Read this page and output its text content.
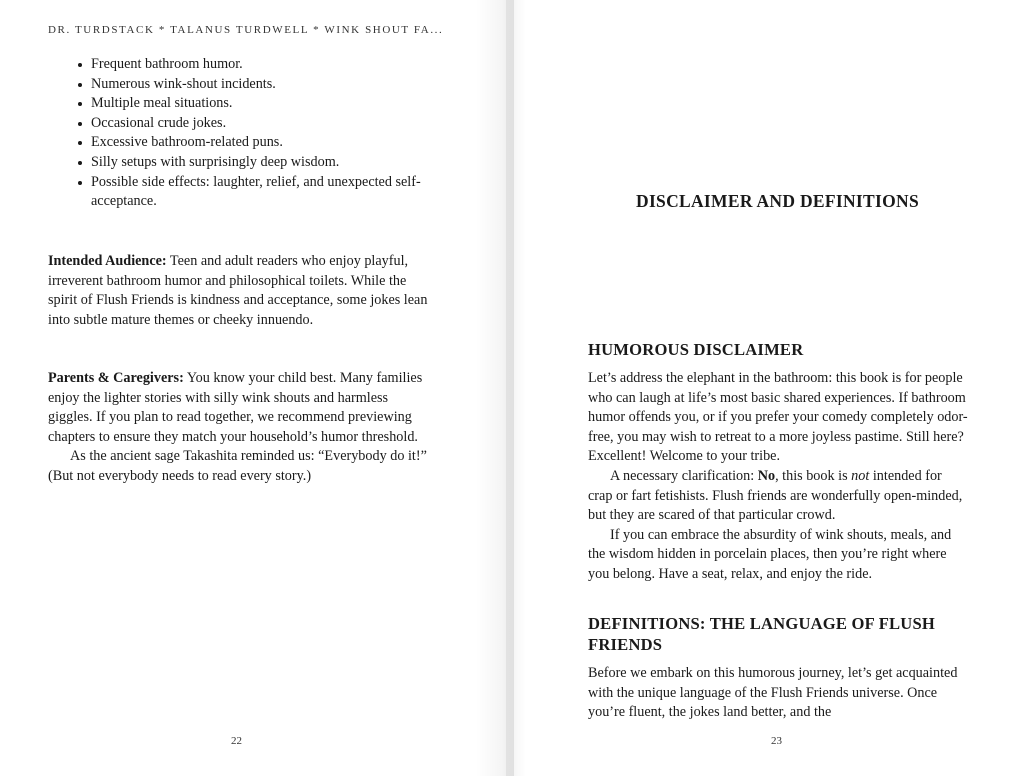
DR. TURDSTACK * TALANUS TURDWELL * WINK SHOUT FA...
Frequent bathroom humor.
Numerous wink-shout incidents.
Multiple meal situations.
Occasional crude jokes.
Excessive bathroom-related puns.
Silly setups with surprisingly deep wisdom.
Possible side effects: laughter, relief, and unexpected self-acceptance.

Intended Audience: Teen and adult readers who enjoy playful, irreverent bathroom humor and philosophical toilets. While the spirit of Flush Friends is kindness and acceptance, some jokes lean into subtle mature themes or cheeky innuendo.

Parents & Caregivers: You know your child best. Many families enjoy the lighter stories with silly wink shouts and harmless giggles. If you plan to read together, we recommend previewing chapters to ensure they match your household’s humor threshold.
As the ancient sage Takashita reminded us: “Everybody do it!” (But not everybody needs to read every story.)
22
DISCLAIMER AND DEFINITIONS
HUMOROUS DISCLAIMER
Let’s address the elephant in the bathroom: this book is for people who can laugh at life’s most basic shared experiences. If bathroom humor offends you, or if you prefer your comedy completely odor-free, you may wish to retreat to a more joyless pastime. Still here? Excellent! Welcome to your tribe.
A necessary clarification: No, this book is not intended for crap or fart fetishists. Flush friends are wonderfully open-minded, but they are scared of that particular crowd.
If you can embrace the absurdity of wink shouts, meals, and the wisdom hidden in porcelain places, then you’re right where you belong. Have a seat, relax, and enjoy the ride.
DEFINITIONS: THE LANGUAGE OF FLUSH FRIENDS
Before we embark on this humorous journey, let’s get acquainted with the unique language of the Flush Friends universe. Once you’re fluent, the jokes land better, and the
23
